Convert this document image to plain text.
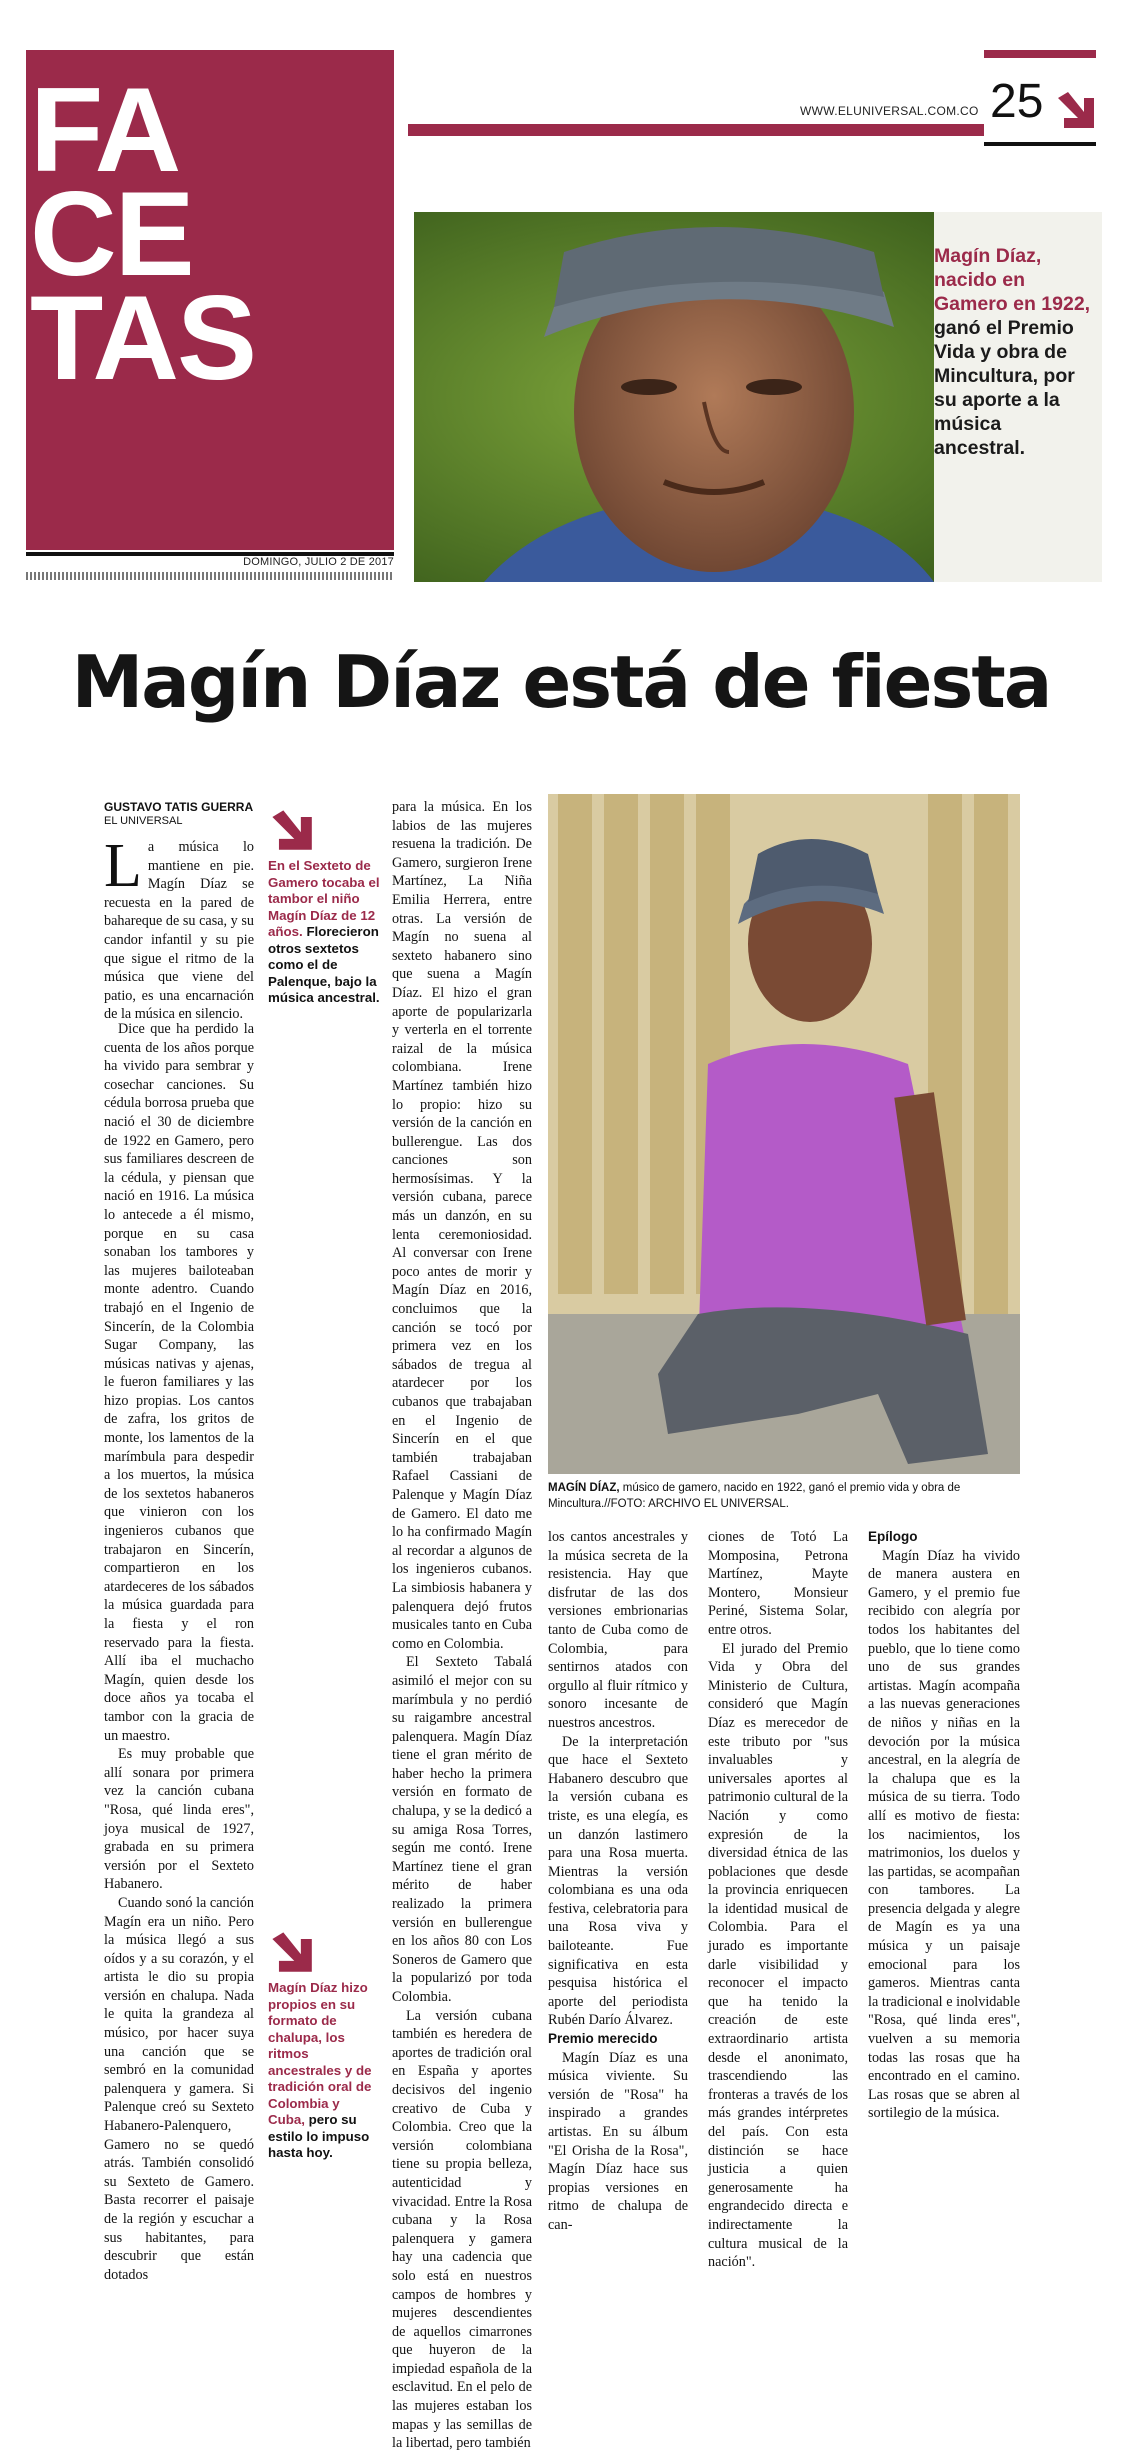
FA
CE
TAS
DOMINGO, JULIO 2 DE 2017
WWW.ELUNIVERSAL.COM.CO 25
Magín Díaz, nacido en Gamero en 1922, ganó el Premio Vida y obra de Mincultura, por su aporte a la música ancestral.
Magín Díaz está de fiesta
GUSTAVO TATIS GUERRA
EL UNIVERSAL

La música lo mantiene en pie. Magín Díaz se recuesta en la pared de bahareque de su casa, y su candor infantil y su pie que sigue el ritmo de la música que viene del patio, es una encarnación de la música en silencio.

Dice que ha perdido la cuenta de los años porque ha vivido para sembrar y cosechar canciones. Su cédula borrosa prueba que nació el 30 de diciembre de 1922 en Gamero, pero sus familiares descreen de la cédula, y piensan que nació en 1916. La música lo antecede a él mismo, porque en su casa sonaban los tambores y las mujeres bailoteaban monte adentro. Cuando trabajó en el Ingenio de Sincerín, de la Colombia Sugar Company, las músicas nativas y ajenas, le fueron familiares y las hizo propias. Los cantos de zafra, los gritos de monte, los lamentos de la marímbula para despedir a los muertos, la música de los sextetos habaneros que vinieron con los ingenieros cubanos que trabajaron en Sincerín, compartieron en los atardeceres de los sábados la música guardada para la fiesta y el ron reservado para la fiesta. Allí iba el muchacho Magín, quien desde los doce años ya tocaba el tambor con la gracia de un maestro.

Es muy probable que allí sonara por primera vez la canción cubana "Rosa, qué linda eres", joya musical de 1927, grabada en su primera versión por el Sexteto Habanero.

Cuando sonó la canción Magín era un niño. Pero la música llegó a sus oídos y a su corazón, y el artista le dio su propia versión en chalupa. Nada le quita la grandeza al músico, por hacer suya una canción que se sembró en la comunidad palenquera y gamera. Si Palenque creó su Sexteto Habanero-Palenquero, Gamero no se quedó atrás. También consolidó su Sexteto de Gamero. Basta recorrer el paisaje de la región y escuchar a sus habitantes, para descubrir que están dotados

En el Sexteto de Gamero tocaba el tambor el niño Magín Díaz de 12 años. Florecieron otros sextetos como el de Palenque, bajo la música ancestral.
Magín Díaz hizo propios en su formato de chalupa, los ritmos ancestrales y de tradición oral de Colombia y Cuba, pero su estilo lo impuso hasta hoy.

para la música. En los labios de las mujeres resuena la tradición. De Gamero, surgieron Irene Martínez, La Niña Emilia Herrera, entre otras. La versión de Magín no suena al sexteto habanero sino que suena a Magín Díaz. El hizo el gran aporte de popularizarla y verterla en el torrente raizal de la música colombiana. Irene Martínez también hizo lo propio: hizo su versión de la canción en bullerengue. Las dos canciones son hermosísimas. Y la versión cubana, parece más un danzón, en su lenta ceremoniosidad. Al conversar con Irene poco antes de morir y Magín Díaz en 2016, concluimos que la canción se tocó por primera vez en los sábados de tregua al atardecer por los cubanos que trabajaban en el Ingenio de Sincerín en el que también trabajaban Rafael Cassiani de Palenque y Magín Díaz de Gamero. El dato me lo ha confirmado Magín al recordar a algunos de los ingenieros cubanos. La simbiosis habanera y palenquera dejó frutos musicales tanto en Cuba como en Colombia.

El Sexteto Tabalá asimiló el mejor con su marímbula y no perdió su raigambre ancestral palenquera. Magín Díaz tiene el gran mérito de haber hecho la primera versión en formato de chalupa, y se la dedicó a su amiga Rosa Torres, según me contó. Irene Martínez tiene el gran mérito de haber realizado la primera versión en bullerengue en los años 80 con Los Soneros de Gamero que la popularizó por toda Colombia.

La versión cubana también es heredera de aportes de tradición oral en España y aportes decisivos del ingenio creativo de Cuba y Colombia. Creo que la versión colombiana tiene su propia belleza, autenticidad y vivacidad. Entre la Rosa cubana y la Rosa palenquera y gamera hay una cadencia que solo está en nuestros campos de hombres y mujeres descendientes de aquellos cimarrones que huyeron de la impiedad española de la esclavitud. En el pelo de las mujeres estaban los mapas y las semillas de la libertad, pero también

MAGÍN DÍAZ, músico de gamero, nacido en 1922, ganó el premio vida y obra de Mincultura.//FOTO: ARCHIVO EL UNIVERSAL.

los cantos ancestrales y la música secreta de la resistencia. Hay que disfrutar de las dos versiones embrionarias tanto de Cuba como de Colombia, para sentirnos atados con orgullo al fluir rítmico y sonoro incesante de nuestros ancestros.

De la interpretación que hace el Sexteto Habanero descubro que la versión cubana es triste, es una elegía, es un danzón lastimero para una Rosa muerta. Mientras la versión colombiana es una oda festiva, celebratoria para una Rosa viva y bailoteante. Fue significativa en esta pesquisa histórica el aporte del periodista Rubén Darío Álvarez.

Premio merecido

Magín Díaz es una música viviente. Su versión de "Rosa" ha inspirado a grandes artistas. En su álbum "El Orisha de la Rosa", Magín Díaz hace sus propias versiones en ritmo de chalupa de can-

ciones de Totó La Momposina, Petrona Martínez, Mayte Montero, Monsieur Periné, Sistema Solar, entre otros.

El jurado del Premio Vida y Obra del Ministerio de Cultura, consideró que Magín Díaz es merecedor de este tributo por "sus invaluables y universales aportes al patrimonio cultural de la Nación y como expresión de la diversidad étnica de las poblaciones que desde la provincia enriquecen la identidad musical de Colombia. Para el jurado es importante darle visibilidad y reconocer el impacto que ha tenido la creación de este extraordinario artista desde el anonimato, trascendiendo las fronteras a través de los más grandes intérpretes del país. Con esta distinción se hace justicia a quien generosamente ha engrandecido directa e indirectamente la cultura musical de la nación".

Epílogo

Magín Díaz ha vivido de manera austera en Gamero, y el premio fue recibido con alegría por todos los habitantes del pueblo, que lo tiene como uno de sus grandes artistas. Magín acompaña a las nuevas generaciones de niños y niñas en la devoción por la música ancestral, en la alegría de la chalupa que es la música de su tierra. Todo allí es motivo de fiesta: los nacimientos, los matrimonios, los duelos y las partidas, se acompañan con tambores. La presencia delgada y alegre de Magín es ya una música y un paisaje emocional para los gameros. Mientras canta la tradicional e inolvidable "Rosa, qué linda eres", vuelven a su memoria todas las rosas que ha encontrado en el camino. Las rosas que se abren al sortilegio de la música.
